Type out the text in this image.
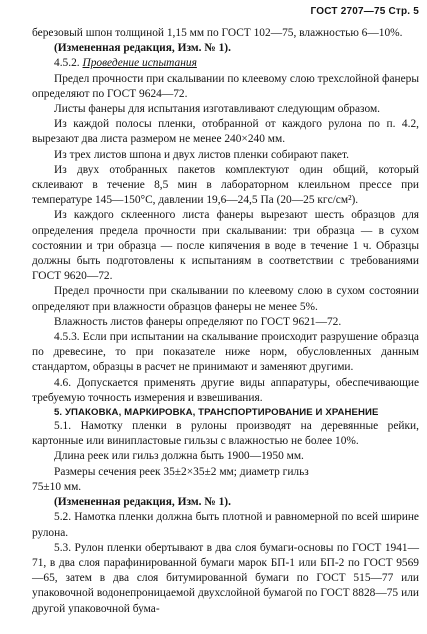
ГОСТ 2707—75 Стр. 5

березовый шпон толщиной 1,15 мм по ГОСТ 102—75, влажностью 6—10%.

(Измененная редакция, Изм. № 1).

4.5.2. Проведение испытания

Предел прочности при скалывании по клеевому слою трехслойной фанеры определяют по ГОСТ 9624—72.

Листы фанеры для испытания изготавливают следующим образом.

Из каждой полосы пленки, отобранной от каждого рулона по п. 4.2, вырезают два листа размером не менее 240×240 мм.

Из трех листов шпона и двух листов пленки собирают пакет.

Из двух отобранных пакетов комплектуют один общий, который склеивают в течение 8,5 мин в лабораторном клеильном прессе при температуре 145—150°С, давлении 19,6—24,5 Па (20—25 кгс/см²).

Из каждого склеенного листа фанеры вырезают шесть образцов для определения предела прочности при скалывании: три образца — в сухом состоянии и три образца — после кипячения в воде в течение 1 ч. Образцы должны быть подготовлены к испытаниям в соответствии с требованиями ГОСТ 9620—72.

Предел прочности при скалывании по клеевому слою в сухом состоянии определяют при влажности образцов фанеры не менее 5%.

Влажность листов фанеры определяют по ГОСТ 9621—72.

4.5.3. Если при испытании на скалывание происходит разрушение образца по древесине, то при показателе ниже норм, обусловленных данным стандартом, образцы в расчет не принимают и заменяют другими.

4.6. Допускается применять другие виды аппаратуры, обеспечивающие требуемую точность измерения и взвешивания.

5. УПАКОВКА, МАРКИРОВКА, ТРАНСПОРТИРОВАНИЕ И ХРАНЕНИЕ

5.1. Намотку пленки в рулоны производят на деревянные рейки, картонные или винипластовые гильзы с влажностью не более 10%.

Длина реек или гильз должна быть 1900—1950 мм.

Размеры сечения реек 35±2×35±2 мм; диаметр гильз

75±10 мм.

(Измененная редакция, Изм. № 1).

5.2. Намотка пленки должна быть плотной и равномерной по всей ширине рулона.

5.3. Рулон пленки обертывают в два слоя бумаги-основы по ГОСТ 1941—71, в два слоя парафинированной бумаги марок БП-1 или БП-2 по ГОСТ 9569—65, затем в два слоя битумированной бумаги по ГОСТ 515—77 или упаковочной водонепроницаемой двухслойной бумагой по ГОСТ 8828—75 или другой упаковочной бума-
